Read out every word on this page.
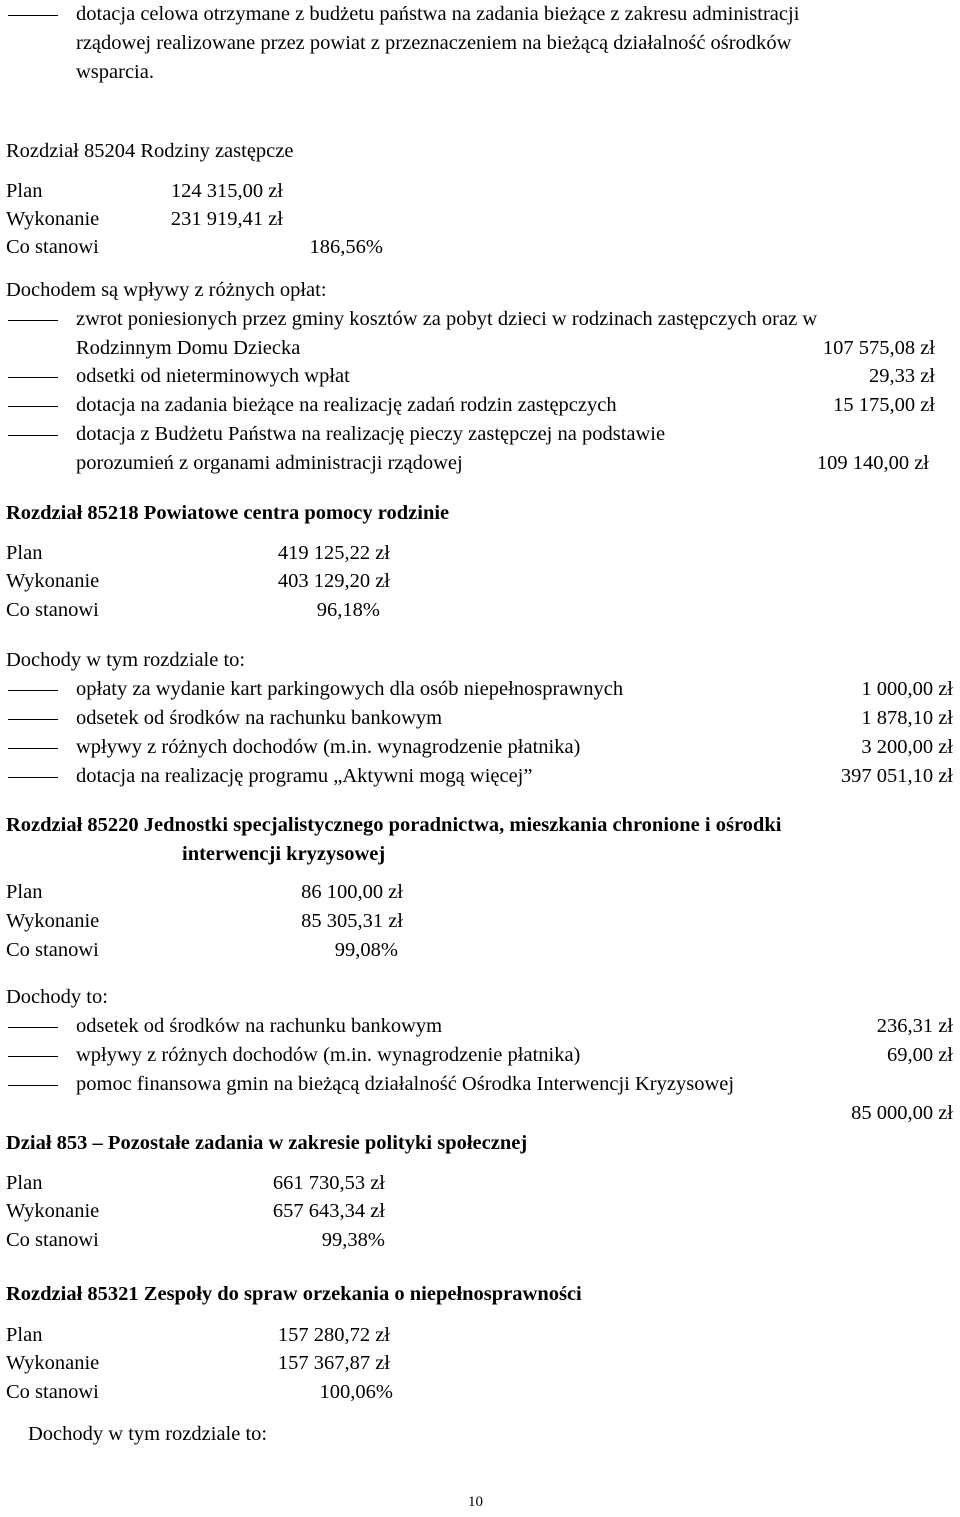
dotacja celowa otrzymane z budżetu państwa na zadania bieżące z zakresu administracji
rządowej realizowane przez powiat z przeznaczeniem na bieżącą działalność ośrodków
wsparcia.
Rozdział 85204 Rodziny zastępcze
Plan	124 315,00 zł
Wykonanie	231 919,41 zł
Co stanowi	186,56%
Dochodem są wpływy z różnych opłat:
zwrot poniesionych przez gminy kosztów za pobyt dzieci w rodzinach zastępczych oraz w
Rodzinnym Domu Dziecka	107 575,08 zł
odsetki od nieterminowych wpłat	29,33 zł
dotacja na zadania bieżące na realizację zadań rodzin zastępczych	15 175,00 zł
dotacja z Budżetu Państwa na realizację pieczy zastępczej na podstawie
porozumień z organami administracji rządowej	109 140,00 zł
Rozdział 85218 Powiatowe centra pomocy rodzinie
Plan	419 125,22 zł
Wykonanie	403 129,20 zł
Co stanowi	96,18%
Dochody w tym rozdziale to:
opłaty za wydanie kart parkingowych dla osób niepełnosprawnych	1 000,00 zł
odsetek od środków na rachunku bankowym	1 878,10 zł
wpływy z różnych dochodów (m.in. wynagrodzenie płatnika)	3 200,00 zł
dotacja na realizację programu „Aktywni mogą więcej”	397 051,10 zł
Rozdział 85220 Jednostki specjalistycznego poradnictwa, mieszkania chronione i ośrodki
interwencji kryzysowej
Plan	86 100,00 zł
Wykonanie	85 305,31 zł
Co stanowi	99,08%
Dochody to:
odsetek od środków na rachunku bankowym	236,31 zł
wpływy z różnych dochodów (m.in. wynagrodzenie płatnika)	69,00 zł
pomoc finansowa gmin na bieżącą działalność Ośrodka Interwencji Kryzysowej
85 000,00 zł
Dział 853 – Pozostałe zadania w zakresie polityki społecznej
Plan	661 730,53 zł
Wykonanie	657 643,34 zł
Co stanowi	99,38%
Rozdział 85321 Zespoły do spraw orzekania o niepełnosprawności
Plan	157 280,72 zł
Wykonanie	157 367,87 zł
Co stanowi	100,06%
Dochody w tym rozdziale to:
10
